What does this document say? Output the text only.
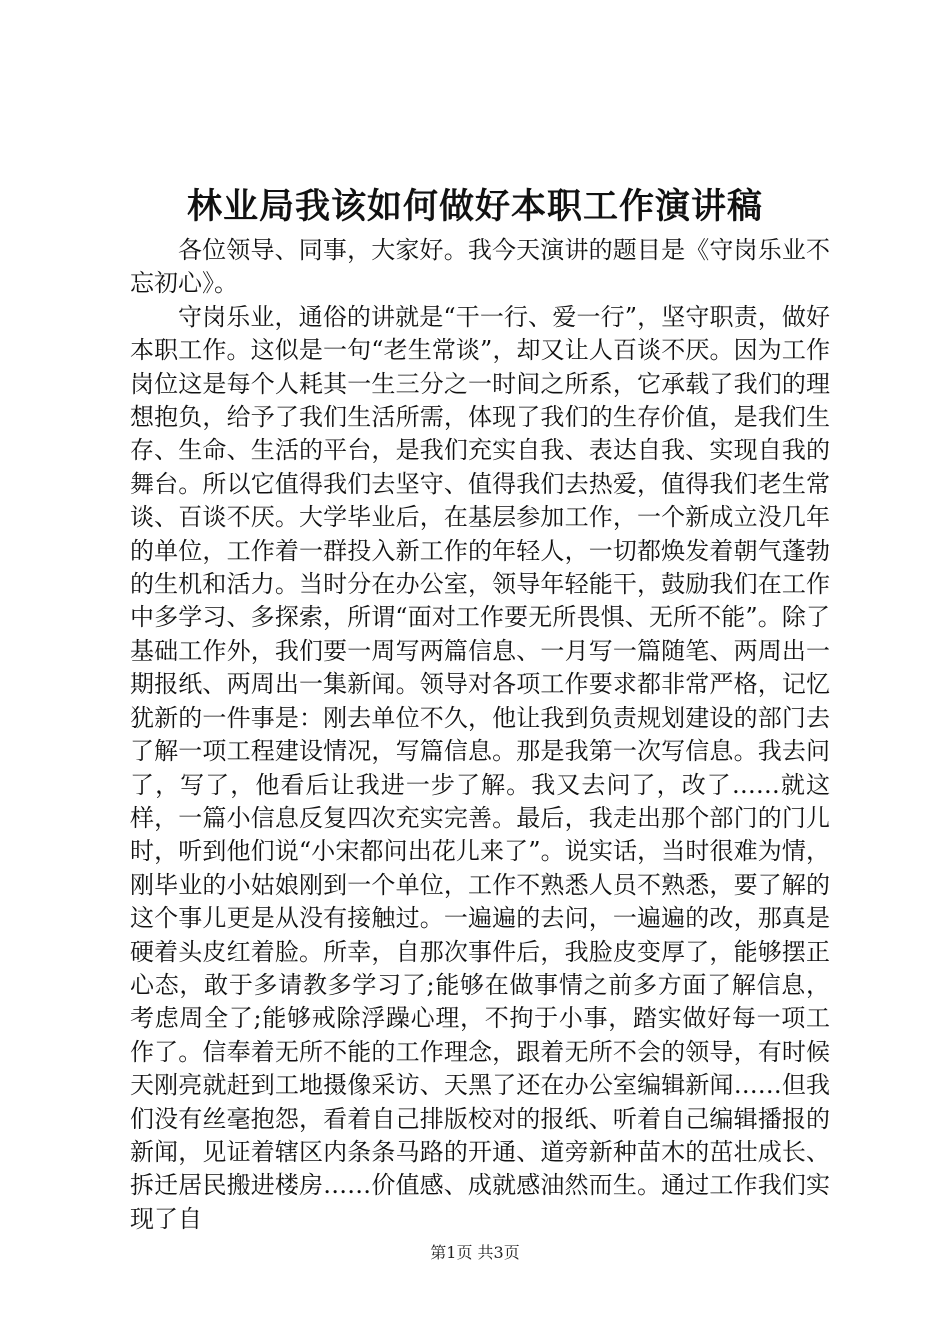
林业局我该如何做好本职工作演讲稿

各位领导、同事，大家好。我今天演讲的题目是《守岗乐业不忘初心》。

守岗乐业，通俗的讲就是“干一行、爱一行”，坚守职责，做好本职工作。这似是一句“老生常谈”，却又让人百谈不厌。因为工作岗位这是每个人耗其一生三分之一时间之所系，它承载了我们的理想抱负，给予了我们生活所需，体现了我们的生存价值，是我们生存、生命、生活的平台，是我们充实自我、表达自我、实现自我的舞台。所以它值得我们去坚守、值得我们去热爱，值得我们老生常谈、百谈不厌。大学毕业后，在基层参加工作，一个新成立没几年的单位，工作着一群投入新工作的年轻人，一切都焕发着朝气蓬勃的生机和活力。当时分在办公室，领导年轻能干，鼓励我们在工作中多学习、多探索，所谓“面对工作要无所畏惧、无所不能”。除了基础工作外，我们要一周写两篇信息、一月写一篇随笔、两周出一期报纸、两周出一集新闻。领导对各项工作要求都非常严格，记忆犹新的一件事是：刚去单位不久，他让我到负责规划建设的部门去了解一项工程建设情况，写篇信息。那是我第一次写信息。我去问了，写了，他看后让我进一步了解。我又去问了，改了……就这样，一篇小信息反复四次充实完善。最后，我走出那个部门的门儿时，听到他们说“小宋都问出花儿来了”。说实话，当时很难为情，刚毕业的小姑娘刚到一个单位，工作不熟悉人员不熟悉，要了解的这个事儿更是从没有接触过。一遍遍的去问，一遍遍的改，那真是硬着头皮红着脸。所幸，自那次事件后，我脸皮变厚了，能够摆正心态，敢于多请教多学习了;能够在做事情之前多方面了解信息，考虑周全了;能够戒除浮躁心理，不拘于小事，踏实做好每一项工作了。信奉着无所不能的工作理念，跟着无所不会的领导，有时候天刚亮就赶到工地摄像采访、天黑了还在办公室编辑新闻……但我们没有丝毫抱怨，看着自己排版校对的报纸、听着自己编辑播报的新闻，见证着辖区内条条马路的开通、道旁新种苗木的茁壮成长、拆迁居民搬进楼房……价值感、成就感油然而生。通过工作我们实现了自

第1页 共3页
